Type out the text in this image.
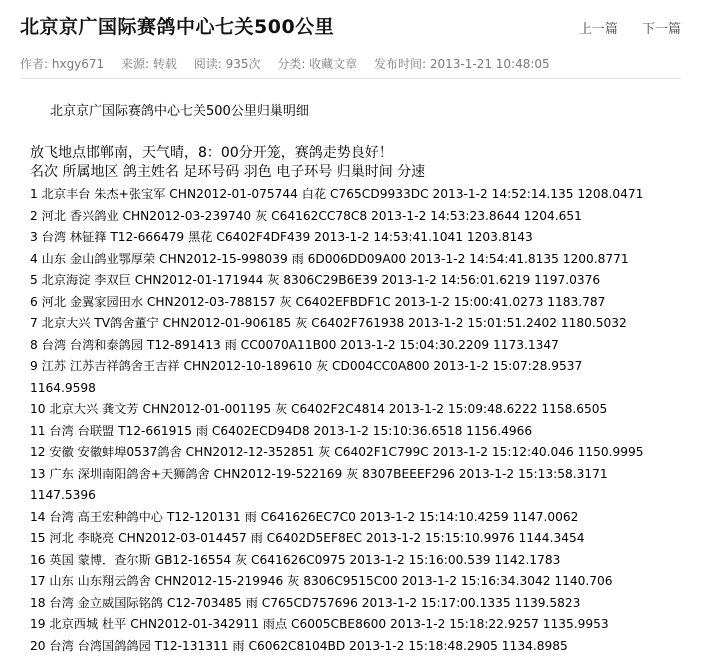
北京京广国际赛鸽中心七关500公里	上一篇 下一篇
作者: hxgy671 来源: 转载 阅读: 935次 分类: 收藏文章 发布时间: 2013-1-21 10:48:05
北京京广国际赛鸽中心七关500公里归巢明细
放飞地点邯郸南，天气晴，8：00分开笼，赛鸽走势良好！
名次 所属地区 鸽主姓名 足环号码 羽色 电子环号 归巢时间 分速
1 北京丰台 朱杰+张宝军 CHN2012-01-075744 白花 C765CD9933DC 2013-1-2 14:52:14.135 1208.0471
2 河北 香兴鸽业 CHN2012-03-239740 灰 C64162CC78C8 2013-1-2 14:53:23.8644 1204.651
3 台湾 林钲箨 T12-666479 黑花 C6402F4DF439 2013-1-2 14:53:41.1041 1203.8143
4 山东 金山鸽业鄂厚荣 CHN2012-15-998039 雨 6D006DD09A00 2013-1-2 14:54:41.8135 1200.8771
5 北京海淀 李双巨 CHN2012-01-171944 灰 8306C29B6E39 2013-1-2 14:56:01.6219 1197.0376
6 河北 金翼家园田水 CHN2012-03-788157 灰 C6402EFBDF1C 2013-1-2 15:00:41.0273 1183.787
7 北京大兴 TV鸽舍董宁 CHN2012-01-906185 灰 C6402F761938 2013-1-2 15:01:51.2402 1180.5032
8 台湾 台湾和泰鸽园 T12-891413 雨 CC0070A11B00 2013-1-2 15:04:30.2209 1173.1347
9 江苏 江苏吉祥鸽舍王吉祥 CHN2012-10-189610 灰 CD004CC0A800 2013-1-2 15:07:28.9537 1164.9598
10 北京大兴 龚文芳 CHN2012-01-001195 灰 C6402F2C4814 2013-1-2 15:09:48.6222 1158.6505
11 台湾 台联盟 T12-661915 雨 C6402ECD94D8 2013-1-2 15:10:36.6518 1156.4966
12 安徽 安徽蚌埠0537鸽舍 CHN2012-12-352851 灰 C6402F1C799C 2013-1-2 15:12:40.046 1150.9995
13 广东 深圳南阳鸽舍+天狮鸽舍 CHN2012-19-522169 灰 8307BEEEF296 2013-1-2 15:13:58.3171 1147.5396
14 台湾 高王宏种鸽中心 T12-120131 雨 C641626EC7C0 2013-1-2 15:14:10.4259 1147.0062
15 河北 李晓亮 CHN2012-03-014457 雨 C6402D5EF8EC 2013-1-2 15:15:10.9976 1144.3454
16 英国 蒙博．查尔斯 GB12-16554 灰 C641626C0975 2013-1-2 15:16:00.539 1142.1783
17 山东 山东翔云鸽舍 CHN2012-15-219946 灰 8306C9515C00 2013-1-2 15:16:34.3042 1140.706
18 台湾 金立威国际铭鸽 C12-703485 雨 C765CD757696 2013-1-2 15:17:00.1335 1139.5823
19 北京西城 杜平 CHN2012-01-342911 雨点 C6005CBE8600 2013-1-2 15:18:22.9257 1135.9953
20 台湾 台湾国鸽鸽园 T12-131311 雨 C6062C8104BD 2013-1-2 15:18:48.2905 1134.8985
